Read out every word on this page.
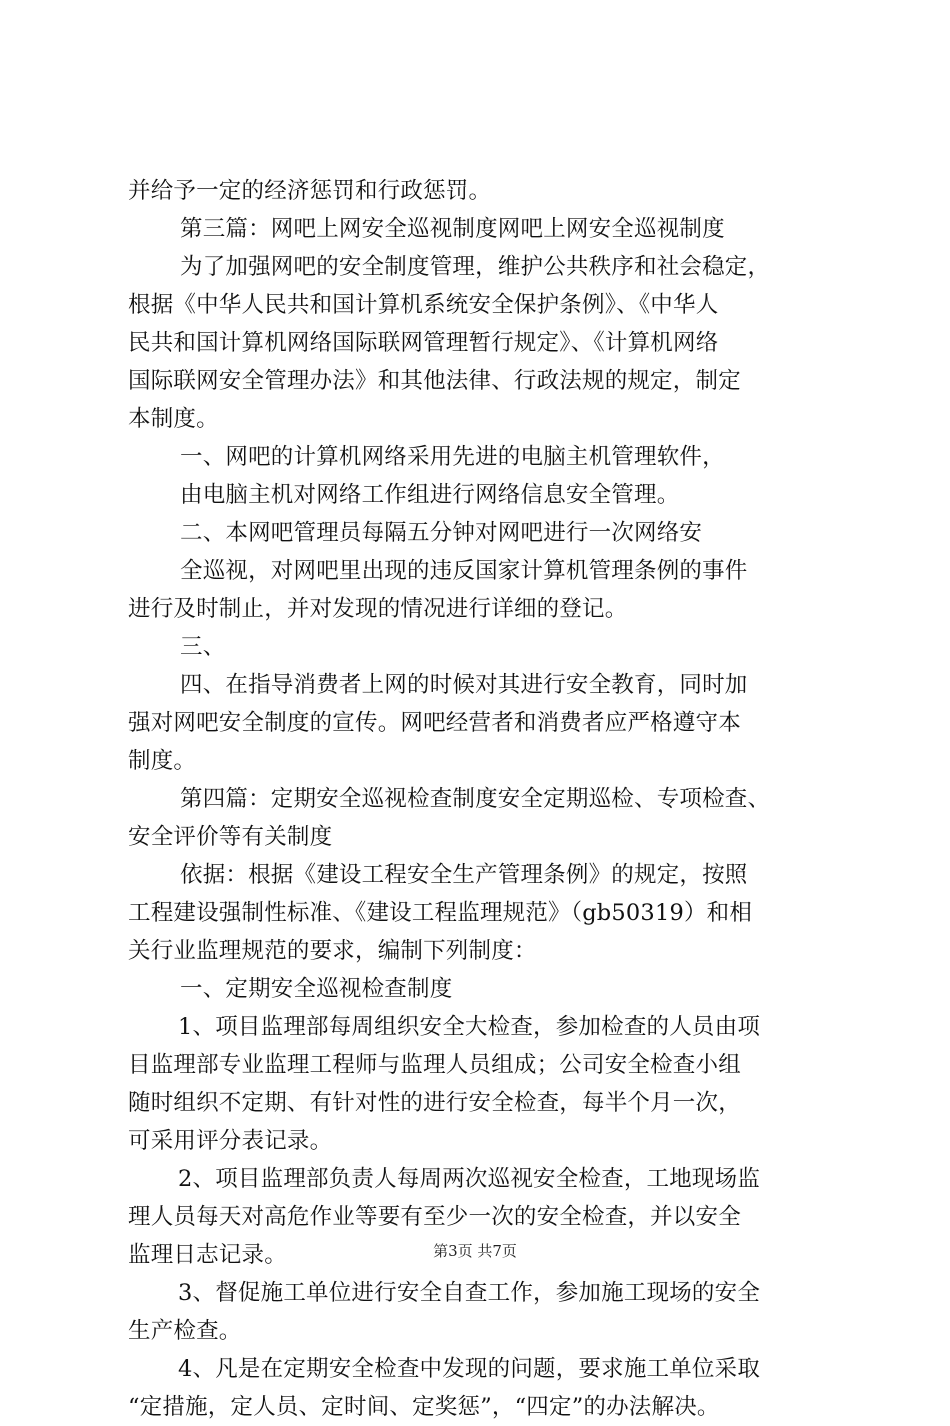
并给予一定的经济惩罚和行政惩罚。
第三篇：网吧上网安全巡视制度网吧上网安全巡视制度
为了加强网吧的安全制度管理，维护公共秩序和社会稳定，
根据《中华人民共和国计算机系统安全保护条例》、《中华人
民共和国计算机网络国际联网管理暂行规定》、《计算机网络
国际联网安全管理办法》和其他法律、行政法规的规定，制定
本制度。
一、网吧的计算机网络采用先进的电脑主机管理软件，
由电脑主机对网络工作组进行网络信息安全管理。
二、本网吧管理员每隔五分钟对网吧进行一次网络安
全巡视，对网吧里出现的违反国家计算机管理条例的事件
进行及时制止，并对发现的情况进行详细的登记。
三、
四、在指导消费者上网的时候对其进行安全教育，同时加
强对网吧安全制度的宣传。网吧经营者和消费者应严格遵守本
制度。
第四篇：定期安全巡视检查制度安全定期巡检、专项检查、
安全评价等有关制度
依据：根据《建设工程安全生产管理条例》的规定，按照
工程建设强制性标准、《建设工程监理规范》（gb50319）和相
关行业监理规范的要求，编制下列制度：
一、定期安全巡视检查制度
1、项目监理部每周组织安全大检查，参加检查的人员由项
目监理部专业监理工程师与监理人员组成；公司安全检查小组
随时组织不定期、有针对性的进行安全检查，每半个月一次，
可采用评分表记录。
2、项目监理部负责人每周两次巡视安全检查，工地现场监
理人员每天对高危作业等要有至少一次的安全检查，并以安全
监理日志记录。
3、督促施工单位进行安全自查工作，参加施工现场的安全
生产检查。
4、凡是在定期安全检查中发现的问题，要求施工单位采取
“定措施，定人员、定时间、定奖惩”，“四定”的办法解决。
第3页 共7页
